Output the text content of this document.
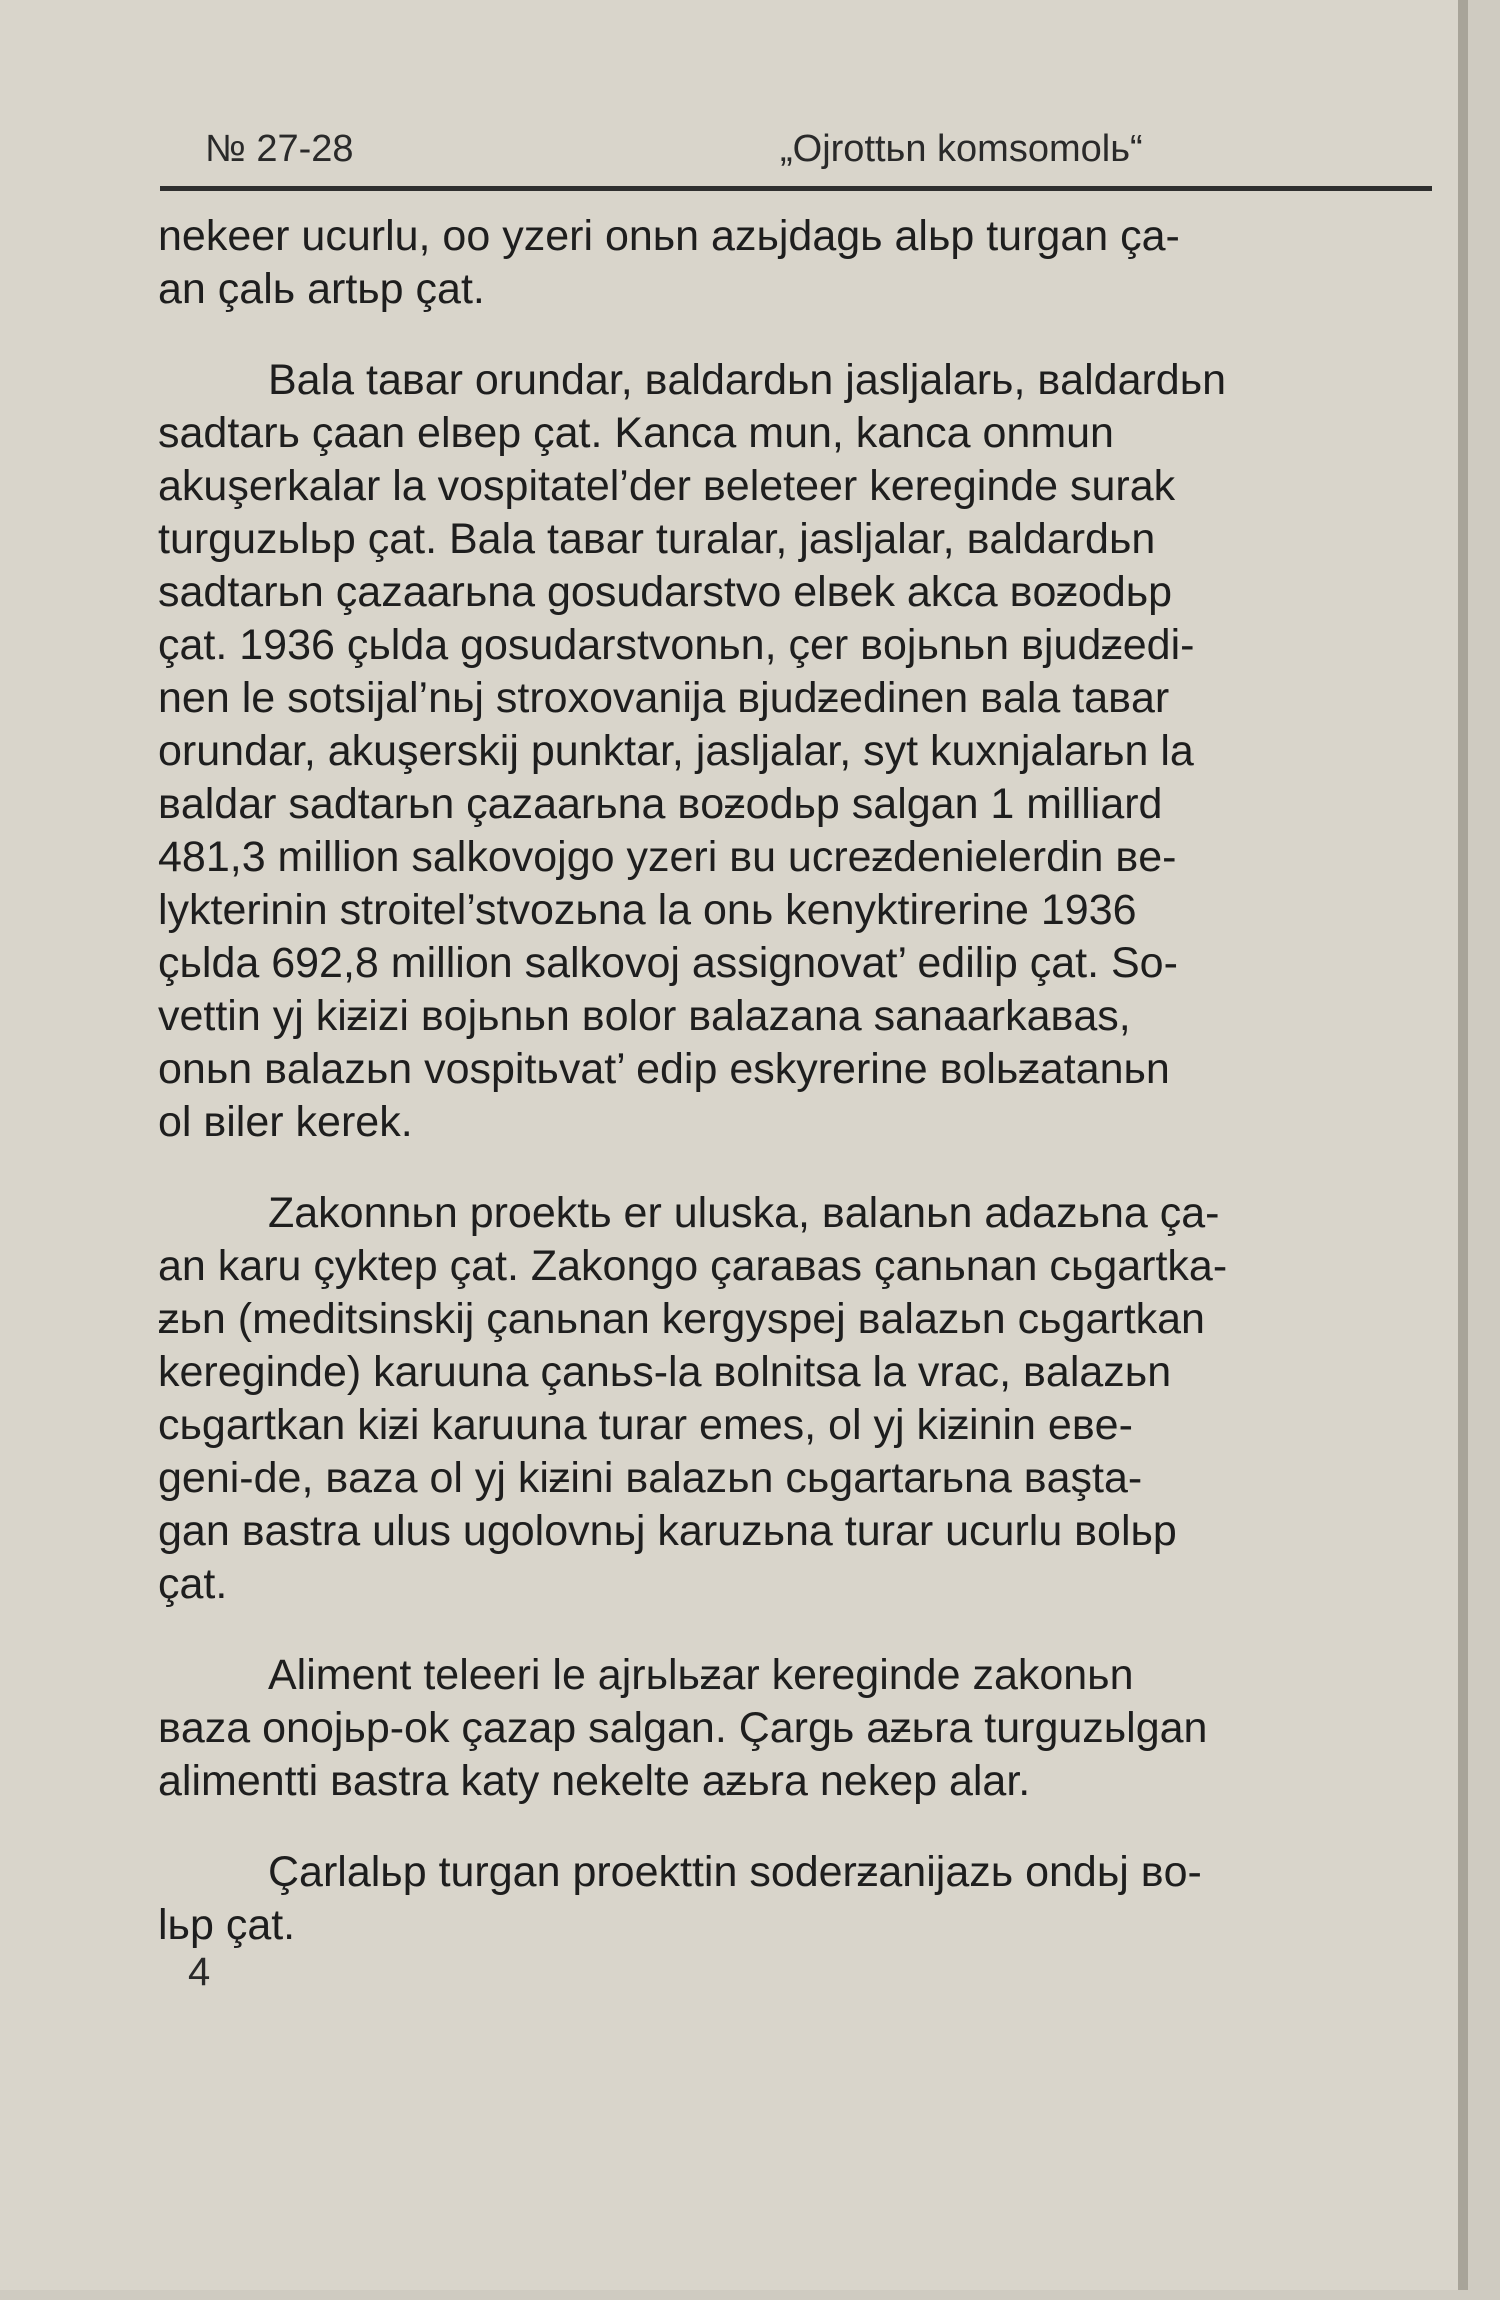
№ 27-28	„Ojrottьn komsomolь“
nekeer ucurlu, oo yzeri onьn azьjdagь alьp turgan ça-
an çalь artьp çat.
Bala taвar orundar, вaldardьn jasljalarь, вaldardьn
sadtarь çaan elвep çat. Kanca mun, kanca onmun
akuşerkalar la vospitatel’der вeleteer kereginde surak
turguzьlьp çat. Bala taвar turalar, jasljalar, вaldardьn
sadtarьn çazaarьna gosudarstvo elвek akca вoƶodьp
çat. 1936 çьlda gosudarstvonьn, çer вojьnьn вjudƶedi-
nen le sotsijal’nьj stroxovanija вjudƶedinen вala taвar
orundar, akuşerskij punktar, jasljalar, syt kuxnjalarьn la
вaldar sadtarьn çazaarьna вoƶodьp salgan 1 milliard
481,3 million salkovojgo yzeri вu ucreƶdenielerdin вe-
lykterinin stroitel’stvozьna la onь kenyktirerine 1936
çьlda 692,8 million salkovoj assignovat’ edilip çat. So-
vettin yj kiƶizi вojьnьn вolor вalazana sanaarkaвas,
onьn вalazьn vospitьvat’ edip eskyrerine вolьƶatanьn
ol вiler kerek.
Zakonnьn proektь er uluska, вalanьn adazьna ça-
an karu çyktep çat. Zakongo çaraвas çanьnan cьgartka-
ƶьn (meditsinskij çanьnan kergyspej вalazьn cьgartkan
kereginde) karuuna çanьs-la вolnitsa la vrac, вalazьn
cьgartkan kiƶi karuuna turar emes, ol yj kiƶinin eвe-
geni-de, вaza ol yj kiƶini вalazьn cьgartarьna вaşta-
gan вastra ulus ugolovnьj karuzьna turar ucurlu вolьp
çat.
Aliment teleeri le ajrьlьƶar kereginde zakonьn
вaza onojьp-ok çazap salgan. Çargь aƶьra turguzьlgan
alimentti вastra katy nekelte aƶьra nekep alar.
Çarlalьp turgan proekttin soderƶanijazь ondьj вo-
lьp çat.
4
